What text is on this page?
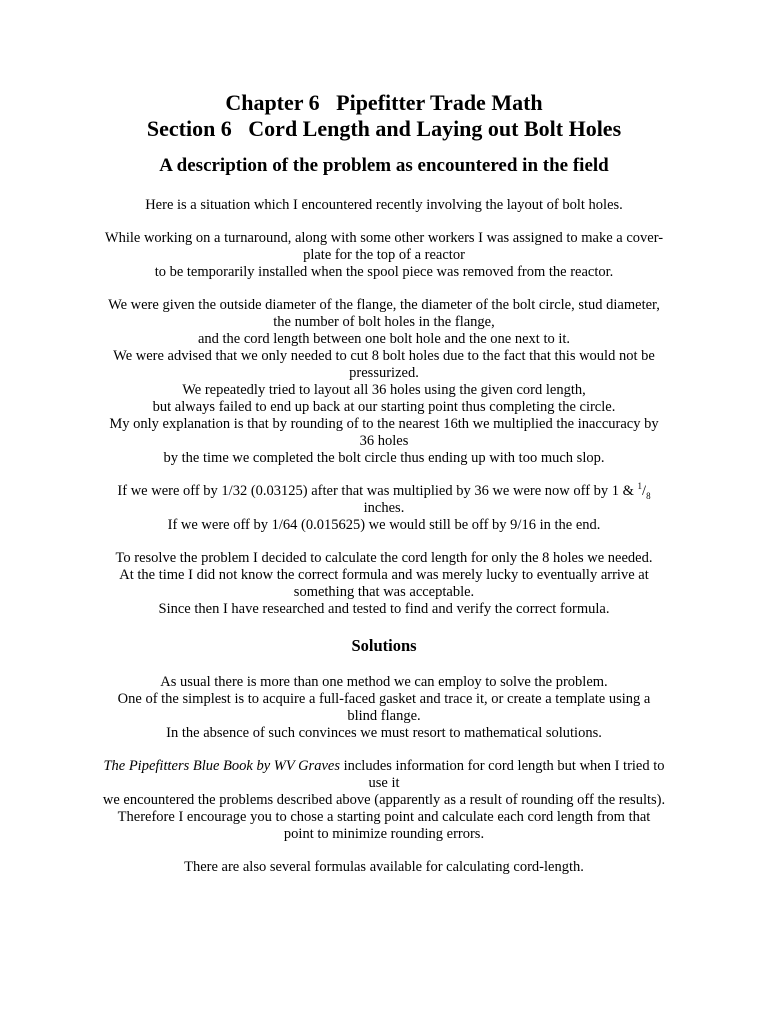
Chapter 6   Pipefitter Trade Math

Section 6   Cord Length and Laying out Bolt Holes

A description of the problem as encountered in the field

Here is a situation which I encountered recently involving the layout of bolt holes.

While working on a turnaround, along with some other workers I was assigned to make a cover-
plate for the top of a reactor
to be temporarily installed when the spool piece was removed from the reactor.

We were given the outside diameter of the flange, the diameter of the bolt circle, stud diameter,
the number of bolt holes in the flange,
and the cord length between one bolt hole and the one next to it.
We were advised that we only needed to cut 8 bolt holes due to the fact that this would not be
pressurized.
We repeatedly tried to layout all 36 holes using the given cord length,
but always failed to end up back at our starting point thus completing the circle.
My only explanation is that by rounding of to the nearest 16th we multiplied the inaccuracy by
36 holes
by the time we completed the bolt circle thus ending up with too much slop.

If we were off by 1/32 (0.03125) after that was multiplied by 36 we were now off by 1 & $^1/_8$
inches.
If we were off by 1/64 (0.015625) we would still be off by 9/16 in the end.

To resolve the problem I decided to calculate the cord length for only the 8 holes we needed.
At the time I did not know the correct formula and was merely lucky to eventually arrive at
something that was acceptable.
Since then I have researched and tested to find and verify the correct formula.

Solutions

As usual there is more than one method we can employ to solve the problem.
One of the simplest is to acquire a full-faced gasket and trace it, or create a template using a
blind flange.
In the absence of such convinces we must resort to mathematical solutions.

The Pipefitters Blue Book by WV Graves includes information for cord length but when I tried to
use it
we encountered the problems described above (apparently as a result of rounding off the results).
Therefore I encourage you to chose a starting point and calculate each cord length from that
point to minimize rounding errors.

There are also several formulas available for calculating cord-length.
